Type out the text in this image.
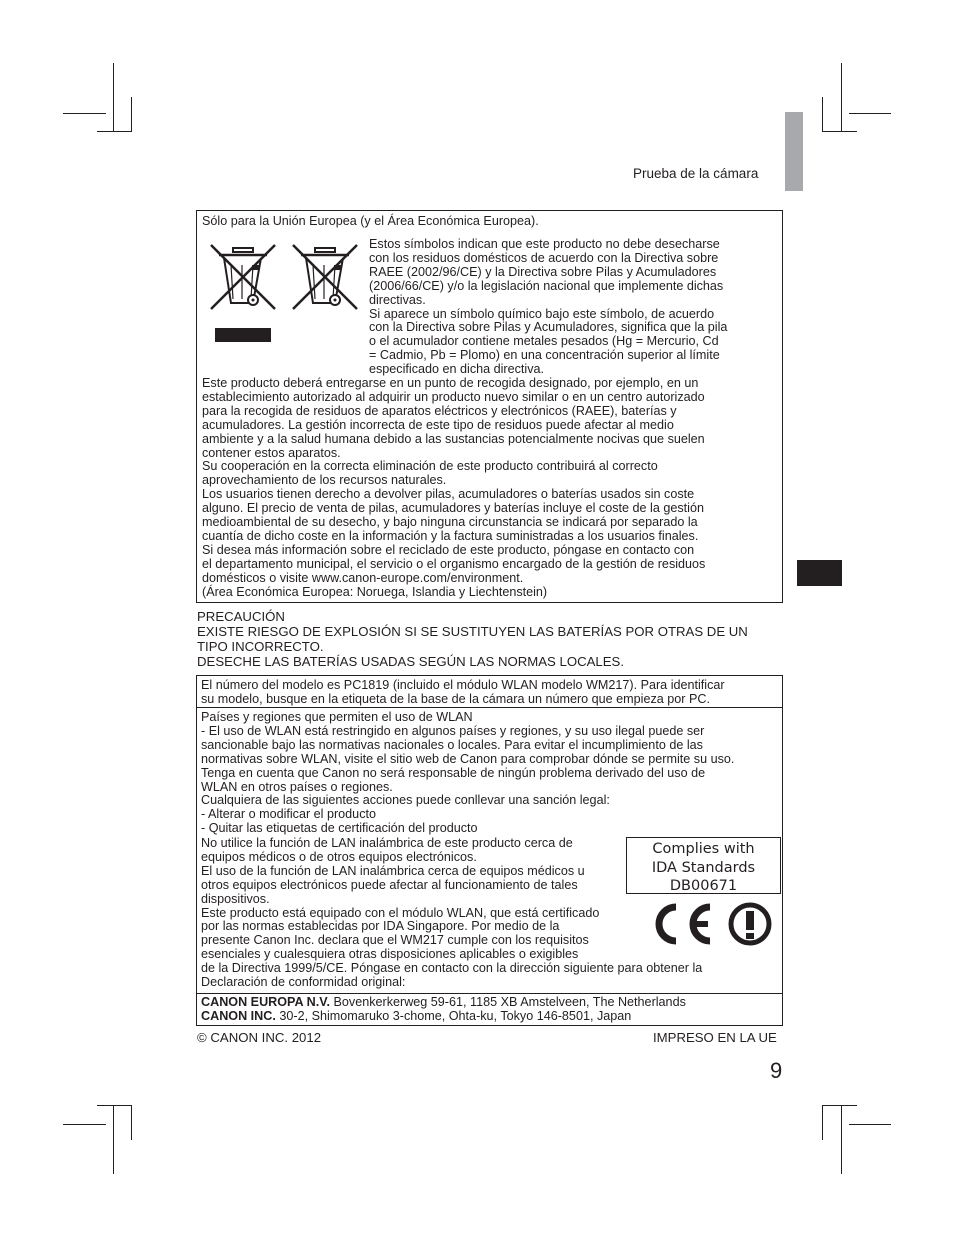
Prueba de la cámara
Sólo para la Unión Europea (y el Área Económica Europea).
Estos símbolos indican que este producto no debe desecharse
con los residuos domésticos de acuerdo con la Directiva sobre
RAEE (2002/96/CE) y la Directiva sobre Pilas y Acumuladores
(2006/66/CE) y/o la legislación nacional que implemente dichas
directivas.
Si aparece un símbolo químico bajo este símbolo, de acuerdo
con la Directiva sobre Pilas y Acumuladores, significa que la pila
o el acumulador contiene metales pesados (Hg = Mercurio, Cd
= Cadmio, Pb = Plomo) en una concentración superior al límite
especificado en dicha directiva.
Este producto deberá entregarse en un punto de recogida designado, por ejemplo, en un
establecimiento autorizado al adquirir un producto nuevo similar o en un centro autorizado
para la recogida de residuos de aparatos eléctricos y electrónicos (RAEE), baterías y
acumuladores. La gestión incorrecta de este tipo de residuos puede afectar al medio
ambiente y a la salud humana debido a las sustancias potencialmente nocivas que suelen
contener estos aparatos.
Su cooperación en la correcta eliminación de este producto contribuirá al correcto
aprovechamiento de los recursos naturales.
Los usuarios tienen derecho a devolver pilas, acumuladores o baterías usados sin coste
alguno. El precio de venta de pilas, acumuladores y baterías incluye el coste de la gestión
medioambiental de su desecho, y bajo ninguna circunstancia se indicará por separado la
cuantía de dicho coste en la información y la factura suministradas a los usuarios finales.
Si desea más información sobre el reciclado de este producto, póngase en contacto con
el departamento municipal, el servicio o el organismo encargado de la gestión de residuos
domésticos o visite www.canon-europe.com/environment.
(Área Económica Europea: Noruega, Islandia y Liechtenstein)
PRECAUCIÓN
EXISTE RIESGO DE EXPLOSIÓN SI SE SUSTITUYEN LAS BATERÍAS POR OTRAS DE UN
TIPO INCORRECTO.
DESECHE LAS BATERÍAS USADAS SEGÚN LAS NORMAS LOCALES.
El número del modelo es PC1819 (incluido el módulo WLAN modelo WM217). Para identificar
su modelo, busque en la etiqueta de la base de la cámara un número que empieza por PC.
Países y regiones que permiten el uso de WLAN
- El uso de WLAN está restringido en algunos países y regiones, y su uso ilegal puede ser
sancionable bajo las normativas nacionales o locales. Para evitar el incumplimiento de las
normativas sobre WLAN, visite el sitio web de Canon para comprobar dónde se permite su uso.
Tenga en cuenta que Canon no será responsable de ningún problema derivado del uso de
WLAN en otros países o regiones.
Cualquiera de las siguientes acciones puede conllevar una sanción legal:
- Alterar o modificar el producto
- Quitar las etiquetas de certificación del producto
No utilice la función de LAN inalámbrica de este producto cerca de
equipos médicos o de otros equipos electrónicos.
El uso de la función de LAN inalámbrica cerca de equipos médicos u
otros equipos electrónicos puede afectar al funcionamiento de tales
dispositivos.
Este producto está equipado con el módulo WLAN, que está certificado
por las normas establecidas por IDA Singapore. Por medio de la
presente Canon Inc. declara que el WM217 cumple con los requisitos
esenciales y cualesquiera otras disposiciones aplicables o exigibles
de la Directiva 1999/5/CE. Póngase en contacto con la dirección siguiente para obtener la
Declaración de conformidad original:
CANON EUROPA N.V. Bovenkerkerweg 59-61, 1185 XB Amstelveen, The Netherlands
CANON INC. 30-2, Shimomaruko 3-chome, Ohta-ku, Tokyo 146-8501, Japan
Complies with
IDA Standards
DB00671
© CANON INC. 2012	IMPRESO EN LA UE
9
